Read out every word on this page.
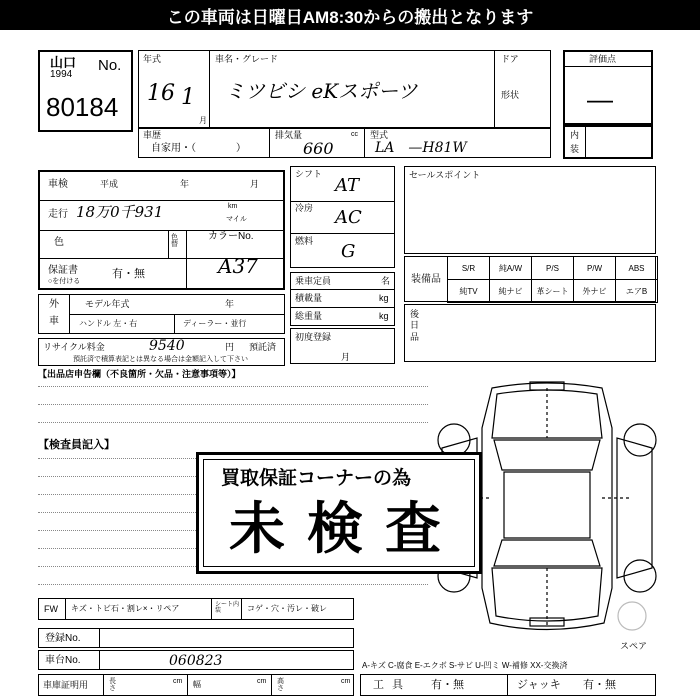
この車両は日曜日AM8:30からの搬出となります
山口 No.
1994
80184
年式
16 1
月
車名・グレード
ミツビシ eKスポーツ
ドア
形状
評価点
—
内
装
車歴
自家用・（　　　　）
排気量	cc
660
型式
LA　—H81W
車検	平成	年	月
走行 18万0千931	km
マイル
色	色替
カラーNo.
A37
保証書	有・無
○を付ける
シフト
AT
冷房 AC
燃料 G
乗車定員	名
積載量	kg
総重量	kg
初度登録
月
セールスポイント
装備品
S/R	純A/W	P/S	P/W	ABS
純TV	純ナビ	革シート	外ナビ	エアB
後日品
外
車
モデル年式	年
ハンドル 左・右	ディーラー・並行
リサイクル料金	9540	円 預託済
預託済で積算表記とは異なる場合は金額記入して下さい
【出品店申告欄（不良箇所・欠品・注意事項等）】
【検査員記入】
スペア
買取保証コーナーの為
未検査
FW キズ・トビ石・割レ×・リペア	シート内装	コゲ・穴・汚レ・破レ
登録No.
車台No.	060823
車庫証明用	長さ
cm 幅	cm 高さ
cm
A-キズ C-腐食 E-エクボ S-サビ U-凹ミ W-補修 XX-交換済
工具 有・無	ジャッキ 有・無
